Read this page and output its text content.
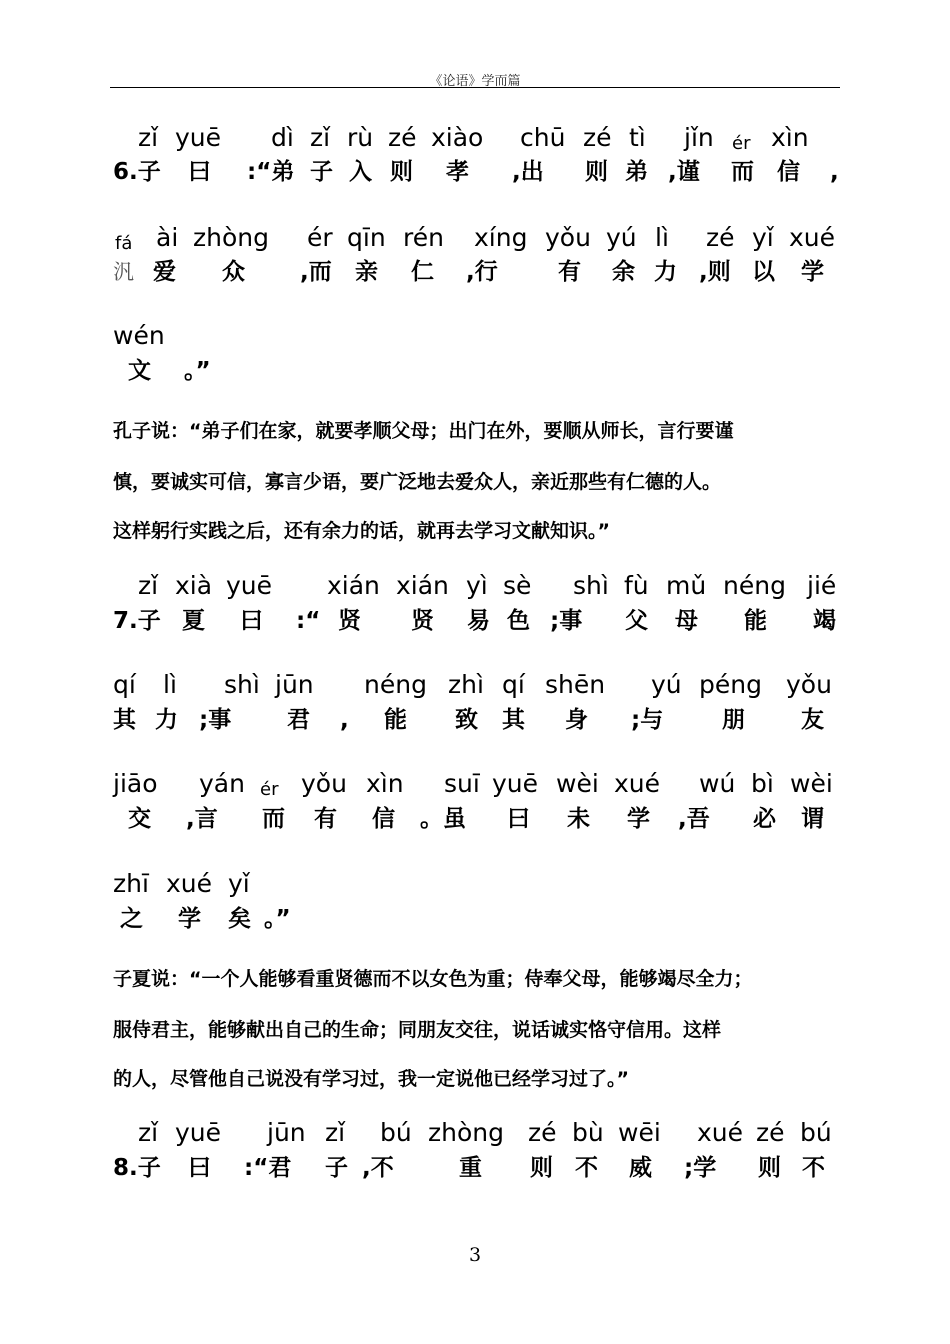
《论语》学而篇
zǐ yuē dì zǐ rù zé xiào chū zé tì jǐn ér xìn
6.子 曰 :“弟 子 入 则 孝 ,出 则 弟 ,谨 而 信 ,
fá ài zhòng ér qīn rén xíng yǒu yú lì zé yǐ xué
汎 爱 众 ,而 亲 仁 ,行	有 余 力 ,则 以 学
wén
文 。”
孔子说：“弟子们在家，就要孝顺父母；出门在外，要顺从师长，言行要谨
慎，要诚实可信，寡言少语，要广泛地去爱众人，亲近那些有仁德的人。
这样躬行实践之后，还有余力的话，就再去学习文献知识。”
zǐ xià yuē xián xián yì sè shì fù mǔ néng jié
7.子 夏 曰 :“ 贤 贤 易 色 ;事 父 母 能 竭
qí lì shì jūn néng zhì qí shēn yú péng yǒu
其 力 ;事 君 , 能 致 其 身 ;与	朋 友
jiāo yán ér yǒu xìn suī yuē wèi xué wú bì wèi
交 ,言 而 有 信 。虽 曰 未 学 ,吾 必 谓
zhī xué yǐ
之 学 矣 。”
子夏说：“一个人能够看重贤德而不以女色为重；侍奉父母，能够竭尽全力；
服侍君主，能够献出自己的生命；同朋友交往，说话诚实恪守信用。这样
的人，尽管他自己说没有学习过，我一定说他已经学习过了。”
zǐ yuē jūn zǐ bú zhòng zé bù wēi xué zé bú
8.子 曰 :“君 子 ,不	重 则 不 威 ;学 则 不
3
